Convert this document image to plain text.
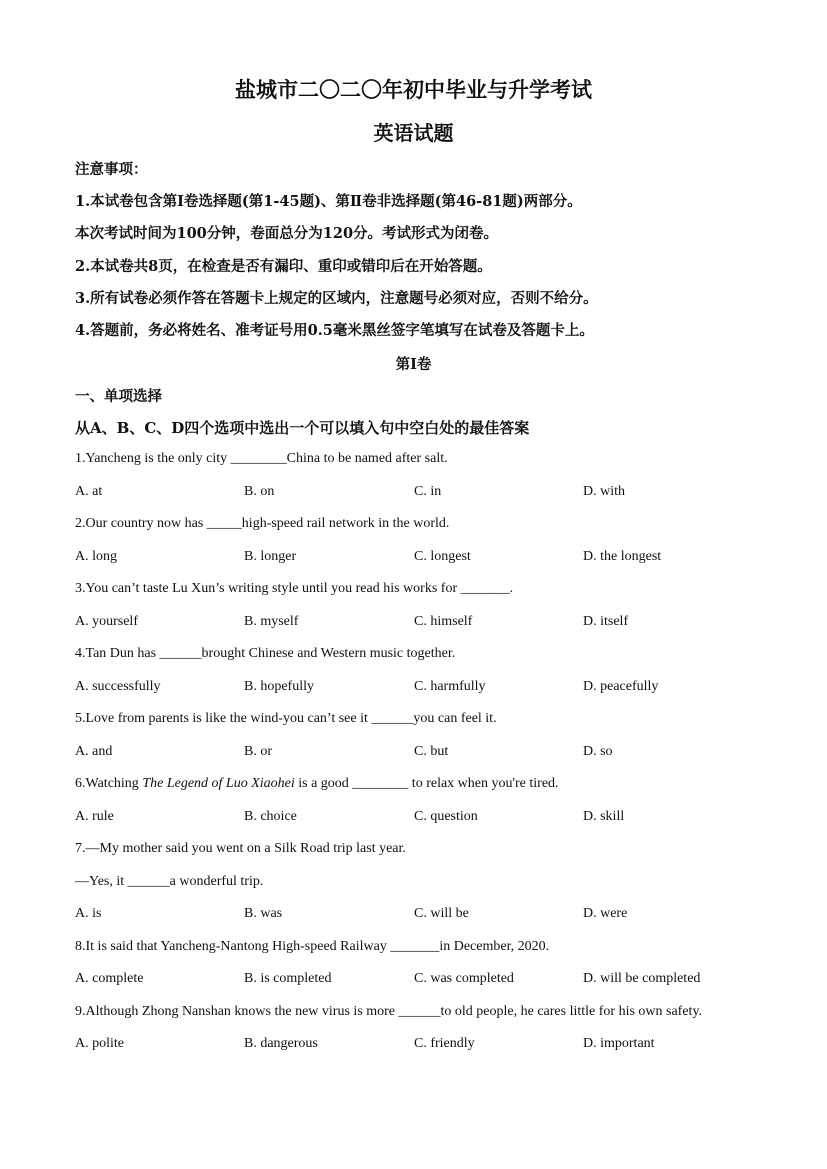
盐城市二〇二〇年初中毕业与升学考试
英语试题
注意事项：
1.本试卷包含第Ⅰ卷选择题(第1-45题)、第Ⅱ卷非选择题(第46-81题)两部分。
本次考试时间为100分钟，卷面总分为120分。考试形式为闭卷。
2.本试卷共8页，在检查是否有漏印、重印或错印后在开始答题。
3.所有试卷必须作答在答题卡上规定的区域内，注意题号必须对应，否则不给分。
4.答题前，务必将姓名、准考证号用0.5毫米黑丝签字笔填写在试卷及答题卡上。
第Ⅰ卷
一、单项选择
从A、B、C、D四个选项中选出一个可以填入句中空白处的最佳答案
1.Yancheng is the only city ________China to be named after salt.
A. at	B. on	C. in	D. with
2.Our country now has _____high-speed rail network in the world.
A. long	B. longer	C. longest	D. the longest
3.You can’t taste Lu Xun’s writing style until you read his works for _______.
A. yourself	B. myself	C. himself	D. itself
4.Tan Dun has ______brought Chinese and Western music together.
A. successfully	B. hopefully	C. harmfully	D. peacefully
5.Love from parents is like the wind-you can’t see it ______you can feel it.
A. and	B. or	C. but	D. so
6.Watching The Legend of Luo Xiaohei is a good ________ to relax when you're tired.
A. rule	B. choice	C. question	D. skill
7.—My mother said you went on a Silk Road trip last year.
—Yes, it ______a wonderful trip.
A. is	B. was	C. will be	D. were
8.It is said that Yancheng-Nantong High-speed Railway _______in December, 2020.
A. complete	B. is completed	C. was completed	D. will be completed
9.Although Zhong Nanshan knows the new virus is more ______to old people, he cares little for his own safety.
A. polite	B. dangerous	C. friendly	D. important
